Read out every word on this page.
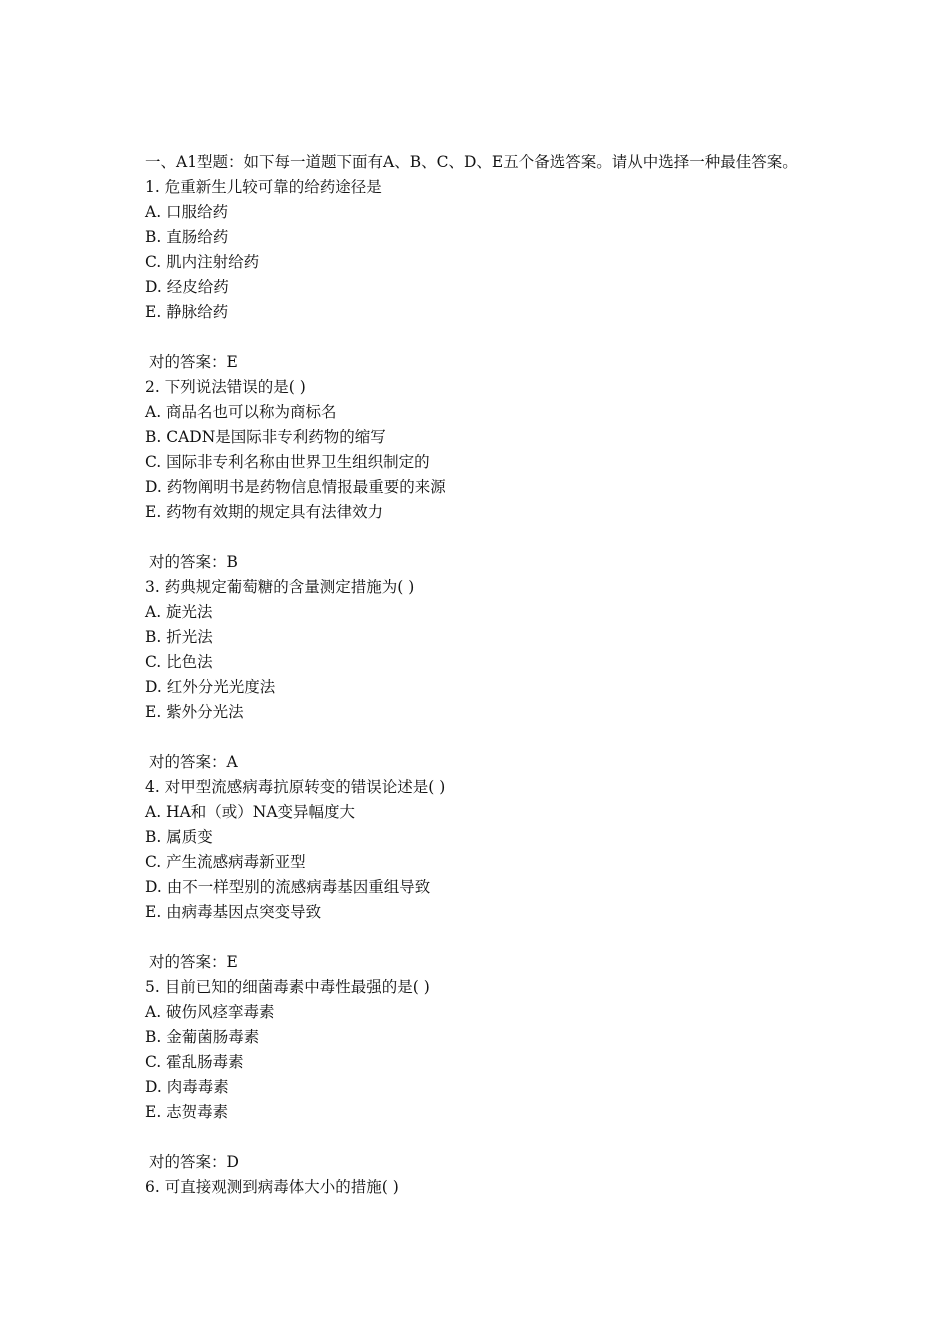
一、A1型题：如下每一道题下面有A、B、C、D、E五个备选答案。请从中选择一种最佳答案。
1. 危重新生儿较可靠的给药途径是
A. 口服给药
B. 直肠给药
C. 肌内注射给药
D. 经皮给药
E. 静脉给药
对的答案：E
2. 下列说法错误的是( )
A. 商品名也可以称为商标名
B. CADN是国际非专利药物的缩写
C. 国际非专利名称由世界卫生组织制定的
D. 药物阐明书是药物信息情报最重要的来源
E. 药物有效期的规定具有法律效力
对的答案：B
3. 药典规定葡萄糖的含量测定措施为( )
A. 旋光法
B. 折光法
C. 比色法
D. 红外分光光度法
E. 紫外分光法
对的答案：A
4. 对甲型流感病毒抗原转变的错误论述是( )
A. HA和（或）NA变异幅度大
B. 属质变
C. 产生流感病毒新亚型
D. 由不一样型别的流感病毒基因重组导致
E. 由病毒基因点突变导致
对的答案：E
5. 目前已知的细菌毒素中毒性最强的是( )
A. 破伤风痉挛毒素
B. 金葡菌肠毒素
C. 霍乱肠毒素
D. 肉毒毒素
E. 志贺毒素
对的答案：D
6. 可直接观测到病毒体大小的措施( )
